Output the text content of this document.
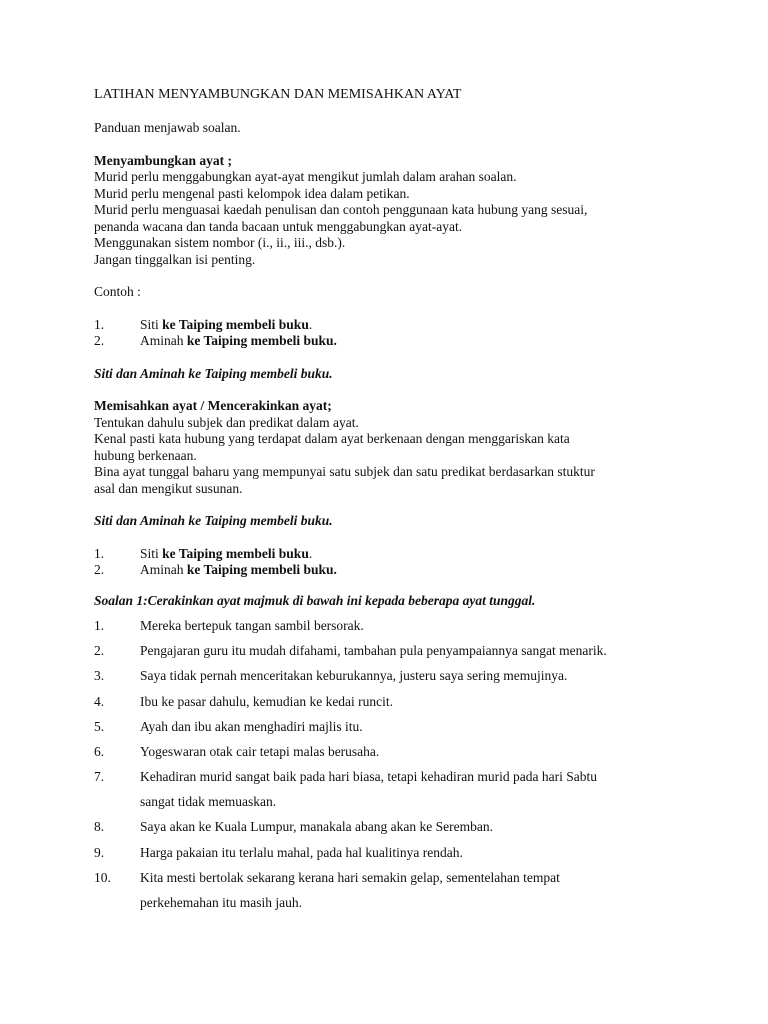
LATIHAN MENYAMBUNGKAN DAN MEMISAHKAN AYAT
Panduan menjawab soalan.
Menyambungkan ayat ;
Murid perlu menggabungkan ayat-ayat mengikut jumlah dalam arahan soalan.
Murid perlu mengenal pasti kelompok idea dalam petikan.
Murid perlu menguasai kaedah penulisan dan contoh penggunaan kata hubung yang sesuai,
penanda wacana dan tanda bacaan untuk menggabungkan ayat-ayat.
Menggunakan sistem nombor (i., ii., iii., dsb.).
Jangan tinggalkan isi penting.
Contoh :
1.	Siti ke Taiping membeli buku.
2.	Aminah ke Taiping membeli buku.
Siti dan Aminah ke Taiping membeli buku.
Memisahkan ayat / Mencerakinkan ayat;
Tentukan dahulu subjek dan predikat dalam ayat.
Kenal pasti kata hubung yang terdapat dalam ayat berkenaan dengan menggariskan kata
hubung berkenaan.
Bina ayat tunggal baharu yang mempunyai satu subjek dan satu predikat berdasarkan stuktur
asal dan mengikut susunan.
Siti dan Aminah ke Taiping membeli buku.
1.	Siti ke Taiping membeli buku.
2.	Aminah ke Taiping membeli buku.
Soalan 1:Cerakinkan ayat majmuk di bawah ini kepada beberapa ayat tunggal.
1.	Mereka bertepuk tangan sambil bersorak.
2.	Pengajaran guru itu mudah difahami, tambahan pula penyampaiannya sangat menarik.
3.	Saya tidak pernah menceritakan keburukannya, justeru saya sering memujinya.
4.	Ibu ke pasar dahulu, kemudian ke kedai runcit.
5.	Ayah dan ibu akan menghadiri majlis itu.
6.	Yogeswaran otak cair tetapi malas berusaha.
7.	Kehadiran murid sangat baik pada hari biasa, tetapi kehadiran murid pada hari Sabtu
sangat tidak memuaskan.
8.	Saya akan ke Kuala Lumpur, manakala abang akan ke Seremban.
9.	Harga pakaian itu terlalu mahal, pada hal kualitinya rendah.
10.	Kita mesti bertolak sekarang kerana hari semakin gelap, sementelahan tempat
perkehemahan itu masih jauh.
